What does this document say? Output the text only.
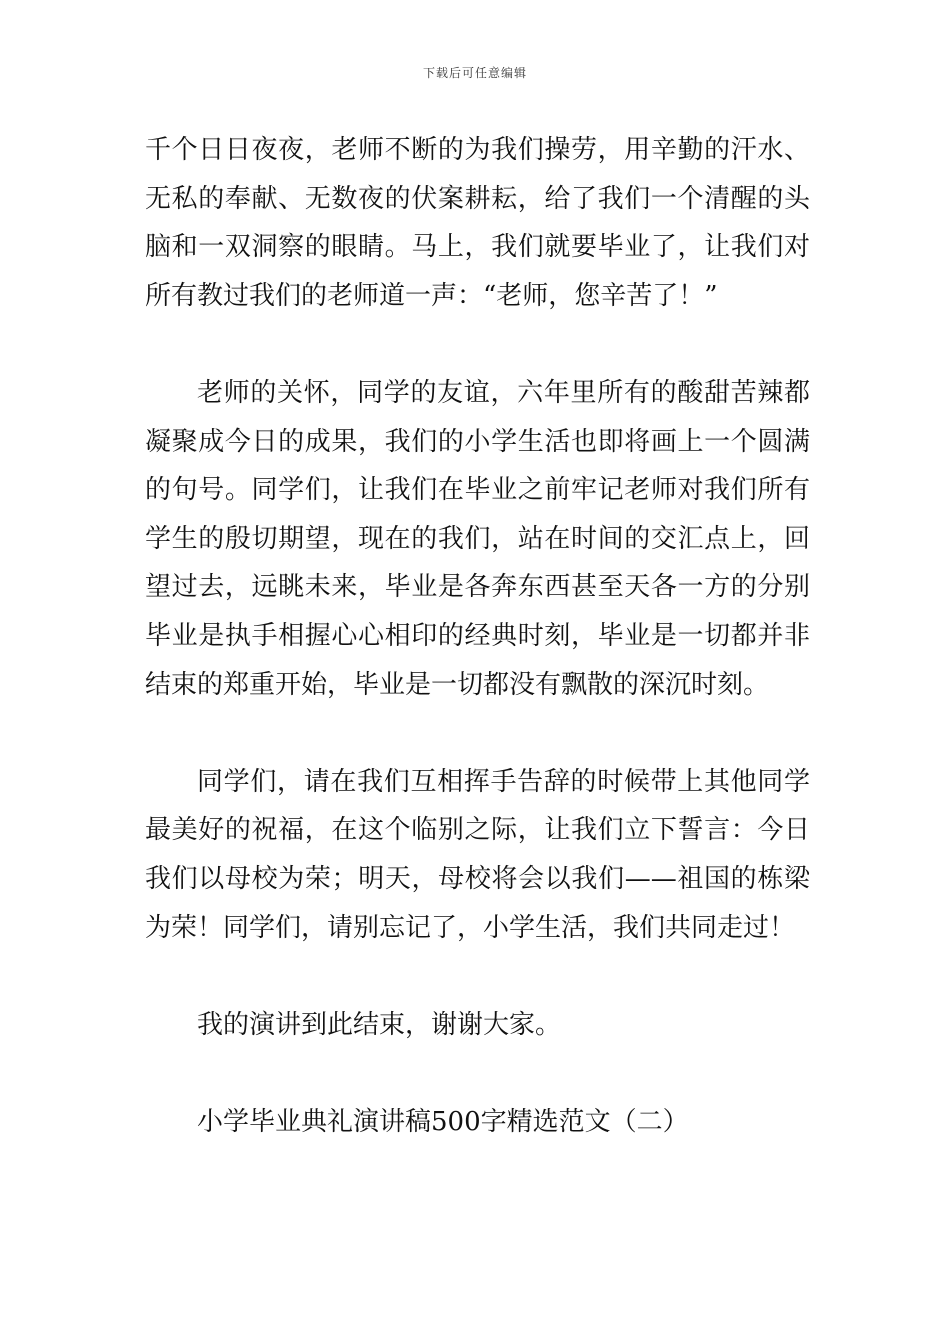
下载后可任意编辑

千个日日夜夜，老师不断的为我们操劳，用辛勤的汗水、无私的奉献、无数夜的伏案耕耘，给了我们一个清醒的头脑和一双洞察的眼睛。马上，我们就要毕业了，让我们对所有教过我们的老师道一声：“老师，您辛苦了！”

老师的关怀，同学的友谊，六年里所有的酸甜苦辣都凝聚成今日的成果，我们的小学生活也即将画上一个圆满的句号。同学们，让我们在毕业之前牢记老师对我们所有学生的殷切期望，现在的我们，站在时间的交汇点上，回望过去，远眺未来，毕业是各奔东西甚至天各一方的分别毕业是执手相握心心相印的经典时刻，毕业是一切都并非结束的郑重开始，毕业是一切都没有飘散的深沉时刻。

同学们，请在我们互相挥手告辞的时候带上其他同学最美好的祝福，在这个临别之际，让我们立下誓言：今日我们以母校为荣；明天，母校将会以我们——祖国的栋梁为荣！同学们，请别忘记了，小学生活，我们共同走过！

我的演讲到此结束，谢谢大家。

小学毕业典礼演讲稿500字精选范文（二）
